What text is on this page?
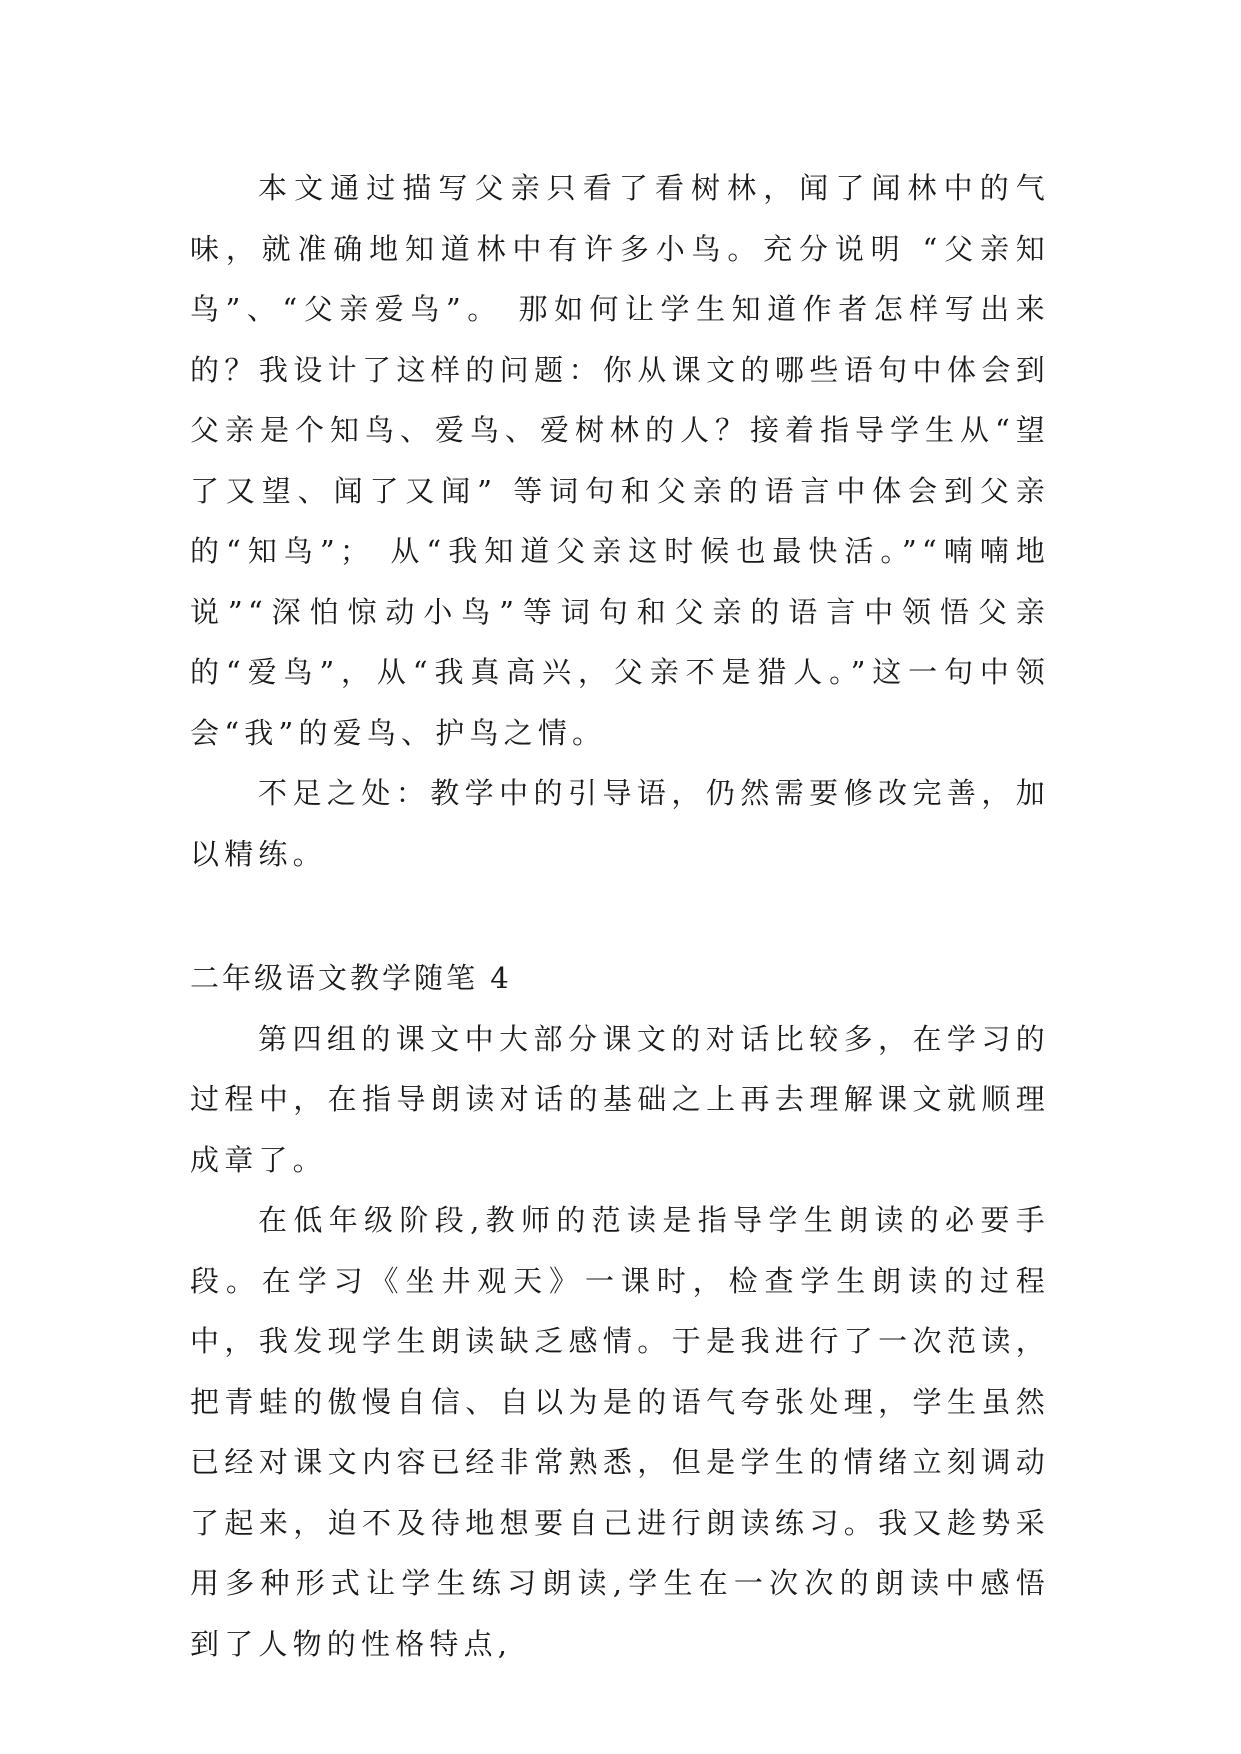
本文通过描写父亲只看了看树林，闻了闻林中的气味，就准确地知道林中有许多小鸟。充分说明 “父亲知鸟”、“父亲爱鸟”。 那如何让学生知道作者怎样写出来的？我设计了这样的问题：你从课文的哪些语句中体会到父亲是个知鸟、爱鸟、爱树林的人？接着指导学生从“望了又望、闻了又闻” 等词句和父亲的语言中体会到父亲的“知鸟”； 从“我知道父亲这时候也最快活。”“喃喃地说”“深怕惊动小鸟”等词句和父亲的语言中领悟父亲的“爱鸟”，从“我真高兴，父亲不是猎人。”这一句中领会“我”的爱鸟、护鸟之情。

不足之处：教学中的引导语，仍然需要修改完善，加以精练。

二年级语文教学随笔 4

第四组的课文中大部分课文的对话比较多，在学习的过程中，在指导朗读对话的基础之上再去理解课文就顺理成章了。

在低年级阶段,教师的范读是指导学生朗读的必要手段。在学习《坐井观天》一课时，检查学生朗读的过程中，我发现学生朗读缺乏感情。于是我进行了一次范读，把青蛙的傲慢自信、自以为是的语气夸张处理，学生虽然已经对课文内容已经非常熟悉，但是学生的情绪立刻调动了起来，迫不及待地想要自己进行朗读练习。我又趁势采用多种形式让学生练习朗读,学生在一次次的朗读中感悟到了人物的性格特点,
